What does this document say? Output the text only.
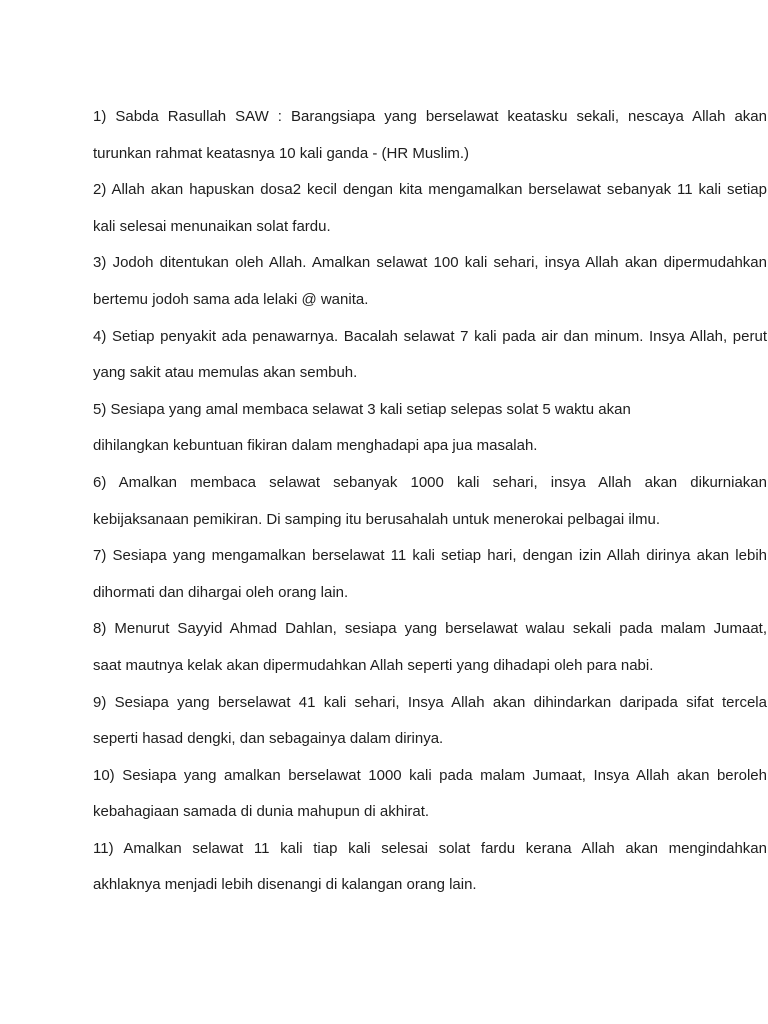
1) Sabda Rasullah SAW : Barangsiapa yang berselawat keatasku sekali, nescaya Allah akan
turunkan rahmat keatasnya 10 kali ganda - (HR Muslim.)
2) Allah akan hapuskan dosa2 kecil dengan kita mengamalkan berselawat sebanyak 11 kali setiap
kali selesai menunaikan solat fardu.
3) Jodoh ditentukan oleh Allah. Amalkan selawat 100 kali sehari, insya Allah akan dipermudahkan
bertemu jodoh sama ada lelaki @ wanita.
4) Setiap penyakit ada penawarnya. Bacalah selawat 7 kali pada air dan minum. Insya Allah, perut
yang sakit atau memulas akan sembuh.
5) Sesiapa yang amal membaca selawat 3 kali setiap selepas solat 5 waktu akan
dihilangkan kebuntuan fikiran dalam menghadapi apa jua masalah.
6) Amalkan membaca selawat sebanyak 1000 kali sehari, insya Allah akan dikurniakan
kebijaksanaan pemikiran. Di samping itu berusahalah untuk menerokai pelbagai ilmu.
7) Sesiapa yang mengamalkan berselawat 11 kali setiap hari, dengan izin Allah dirinya akan lebih
dihormati dan dihargai oleh orang lain.
8) Menurut Sayyid Ahmad Dahlan, sesiapa yang berselawat walau sekali pada malam Jumaat,
saat mautnya kelak akan dipermudahkan Allah seperti yang dihadapi oleh para nabi.
9) Sesiapa yang berselawat 41 kali sehari, Insya Allah akan dihindarkan daripada sifat tercela
seperti hasad dengki, dan sebagainya dalam dirinya.
10) Sesiapa yang amalkan berselawat 1000 kali pada malam Jumaat, Insya Allah akan beroleh
kebahagiaan samada di dunia mahupun di akhirat.
11) Amalkan selawat 11 kali tiap kali selesai solat fardu kerana Allah akan mengindahkan
akhlaknya menjadi lebih disenangi di kalangan orang lain.
